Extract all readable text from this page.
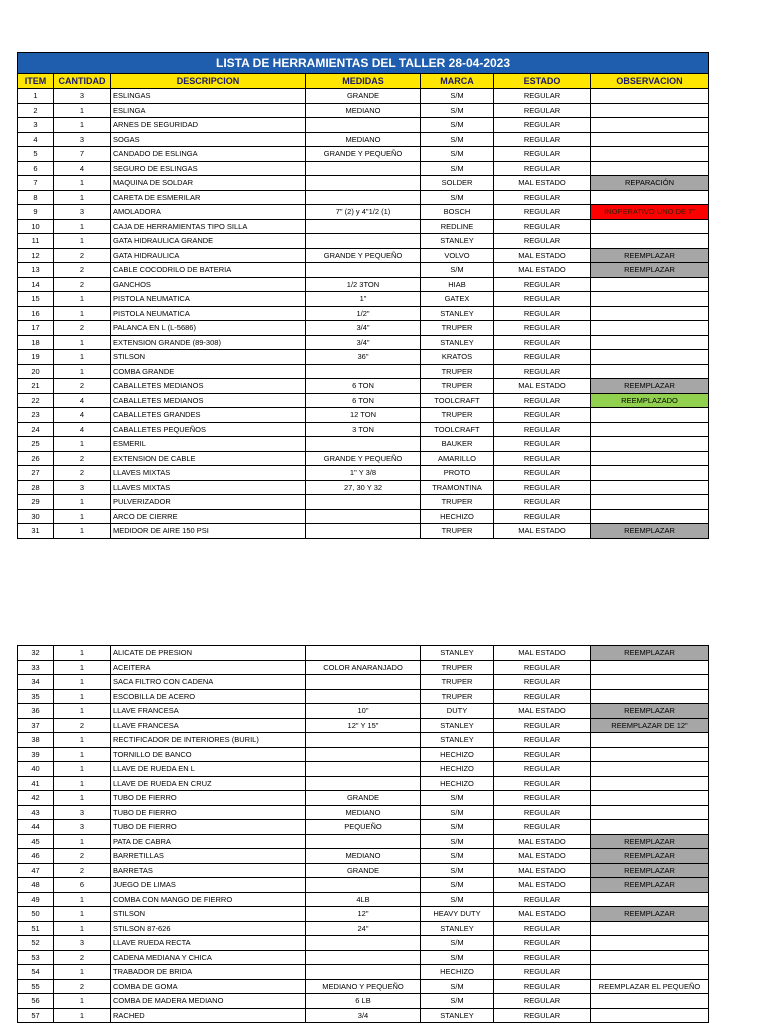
LISTA DE HERRAMIENTAS DEL TALLER 28-04-2023						
ITEM	CANTIDAD	DESCRIPCION	MEDIDAS	MARCA	ESTADO	OBSERVACION
1	3	ESLINGAS	GRANDE	S/M	REGULAR	
2	1	ESLINGA	MEDIANO	S/M	REGULAR	
3	1	ARNES DE SEGURIDAD		S/M	REGULAR	
4	3	SOGAS	MEDIANO	S/M	REGULAR	
5	7	CANDADO DE ESLINGA	GRANDE Y PEQUEÑO	S/M	REGULAR	
6	4	SEGURO DE ESLINGAS		S/M	REGULAR	
7	1	MAQUINA DE SOLDAR		SOLDER	MAL ESTADO	REPARACIÓN
8	1	CARETA DE ESMERILAR		S/M	REGULAR	
9	3	AMOLADORA	7" (2) y 4"1/2 (1)	BOSCH	REGULAR	INOPERATIVO UNO DE 7"
10	1	CAJA DE HERRAMIENTAS TIPO SILLA		REDLINE	REGULAR	
11	1	GATA HIDRAULICA GRANDE		STANLEY	REGULAR	
12	2	GATA HIDRAULICA	GRANDE Y PEQUEÑO	VOLVO	MAL ESTADO	REEMPLAZAR
13	2	CABLE COCODRILO DE BATERIA		S/M	MAL ESTADO	REEMPLAZAR
14	2	GANCHOS	1/2 3TON	HIAB	REGULAR	
15	1	PISTOLA NEUMATICA	1"	GATEX	REGULAR	
16	1	PISTOLA NEUMATICA	1/2"	STANLEY	REGULAR	
17	2	PALANCA EN L (L-5686)	3/4"	TRUPER	REGULAR	
18	1	EXTENSION GRANDE (89-308)	3/4"	STANLEY	REGULAR	
19	1	STILSON	36"	KRATOS	REGULAR	
20	1	COMBA GRANDE		TRUPER	REGULAR	
21	2	CABALLETES MEDIANOS	6 TON	TRUPER	MAL ESTADO	REEMPLAZAR
22	4	CABALLETES MEDIANOS	6 TON	TOOLCRAFT	REGULAR	REEMPLAZADO
23	4	CABALLETES GRANDES	12 TON	TRUPER	REGULAR	
24	4	CABALLETES PEQUEÑOS	3 TON	TOOLCRAFT	REGULAR	
25	1	ESMERIL		BAUKER	REGULAR	
26	2	EXTENSION DE CABLE	GRANDE Y PEQUEÑO	AMARILLO	REGULAR	
27	2	LLAVES MIXTAS	1" Y 3/8	PROTO	REGULAR	
28	3	LLAVES MIXTAS	27, 30 Y 32	TRAMONTINA	REGULAR	
29	1	PULVERIZADOR		TRUPER	REGULAR	
30	1	ARCO DE CIERRE		HECHIZO	REGULAR	
31	1	MEDIDOR DE AIRE 150 PSI		TRUPER	MAL ESTADO	REEMPLAZAR
32	1	ALICATE DE PRESION		STANLEY	MAL ESTADO	REEMPLAZAR
33	1	ACEITERA	COLOR ANARANJADO	TRUPER	REGULAR	
34	1	SACA FILTRO CON CADENA		TRUPER	REGULAR	
35	1	ESCOBILLA DE ACERO		TRUPER	REGULAR	
36	1	LLAVE FRANCESA	10"	DUTY	MAL ESTADO	REEMPLAZAR
37	2	LLAVE FRANCESA	12" Y 15"	STANLEY	REGULAR	REEMPLAZAR DE 12"
38	1	RECTIFICADOR DE INTERIORES (BURIL)		STANLEY	REGULAR	
39	1	TORNILLO DE BANCO		HECHIZO	REGULAR	
40	1	LLAVE DE RUEDA EN L		HECHIZO	REGULAR	
41	1	LLAVE DE RUEDA EN CRUZ		HECHIZO	REGULAR	
42	1	TUBO DE FIERRO	GRANDE	S/M	REGULAR	
43	3	TUBO DE FIERRO	MEDIANO	S/M	REGULAR	
44	3	TUBO DE FIERRO	PEQUEÑO	S/M	REGULAR	
45	1	PATA DE CABRA		S/M	MAL ESTADO	REEMPLAZAR
46	2	BARRETILLAS	MEDIANO	S/M	MAL ESTADO	REEMPLAZAR
47	2	BARRETAS	GRANDE	S/M	MAL ESTADO	REEMPLAZAR
48	6	JUEGO DE LIMAS		S/M	MAL ESTADO	REEMPLAZAR
49	1	COMBA CON MANGO DE FIERRO	4LB	S/M	REGULAR	
50	1	STILSON	12"	HEAVY DUTY	MAL ESTADO	REEMPLAZAR
51	1	STILSON 87-626	24"	STANLEY	REGULAR	
52	3	LLAVE RUEDA RECTA		S/M	REGULAR	
53	2	CADENA MEDIANA Y CHICA		S/M	REGULAR	
54	1	TRABADOR DE BRIDA		HECHIZO	REGULAR	
55	2	COMBA DE GOMA	MEDIANO Y PEQUEÑO	S/M	REGULAR	REEMPLAZAR EL PEQUEÑO
56	1	COMBA DE MADERA MEDIANO	6 LB	S/M	REGULAR	
57	1	RACHED	3/4	STANLEY	REGULAR	
